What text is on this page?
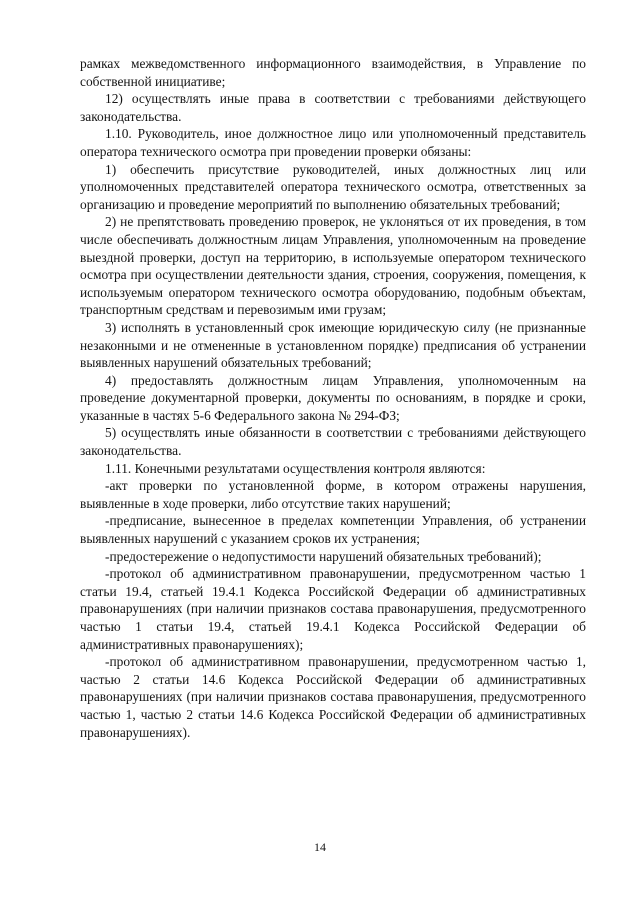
рамках межведомственного информационного взаимодействия, в Управление по собственной инициативе;

12) осуществлять иные права в соответствии с требованиями действующего законодательства.

1.10. Руководитель, иное должностное лицо или уполномоченный представитель оператора технического осмотра при проведении проверки обязаны:

1) обеспечить присутствие руководителей, иных должностных лиц или уполномоченных представителей оператора технического осмотра, ответственных за организацию и проведение мероприятий по выполнению обязательных требований;

2) не препятствовать проведению проверок, не уклоняться от их проведения, в том числе обеспечивать должностным лицам Управления, уполномоченным на проведение выездной проверки, доступ на территорию, в используемые оператором технического осмотра при осуществлении деятельности здания, строения, сооружения, помещения, к используемым оператором технического осмотра оборудованию, подобным объектам, транспортным средствам и перевозимым ими грузам;

3) исполнять в установленный срок имеющие юридическую силу (не признанные незаконными и не отмененные в установленном порядке) предписания об устранении выявленных нарушений обязательных требований;

4) предоставлять должностным лицам Управления, уполномоченным на проведение документарной проверки, документы по основаниям, в порядке и сроки, указанные в частях 5-6 Федерального закона № 294-ФЗ;

5) осуществлять иные обязанности в соответствии с требованиями действующего законодательства.

1.11. Конечными результатами осуществления контроля являются:

-акт проверки по установленной форме, в котором отражены нарушения, выявленные в ходе проверки, либо отсутствие таких нарушений;

-предписание, вынесенное в пределах компетенции Управления, об устранении выявленных нарушений с указанием сроков их устранения;

-предостережение о недопустимости нарушений обязательных требований);

-протокол об административном правонарушении, предусмотренном частью 1 статьи 19.4, статьей 19.4.1 Кодекса Российской Федерации об административных правонарушениях (при наличии признаков состава правонарушения, предусмотренного частью 1 статьи 19.4, статьей 19.4.1 Кодекса Российской Федерации об административных правонарушениях);

-протокол об административном правонарушении, предусмотренном частью 1, частью 2 статьи 14.6 Кодекса Российской Федерации об административных правонарушениях (при наличии признаков состава правонарушения, предусмотренного частью 1, частью 2 статьи 14.6 Кодекса Российской Федерации об административных правонарушениях).

14
